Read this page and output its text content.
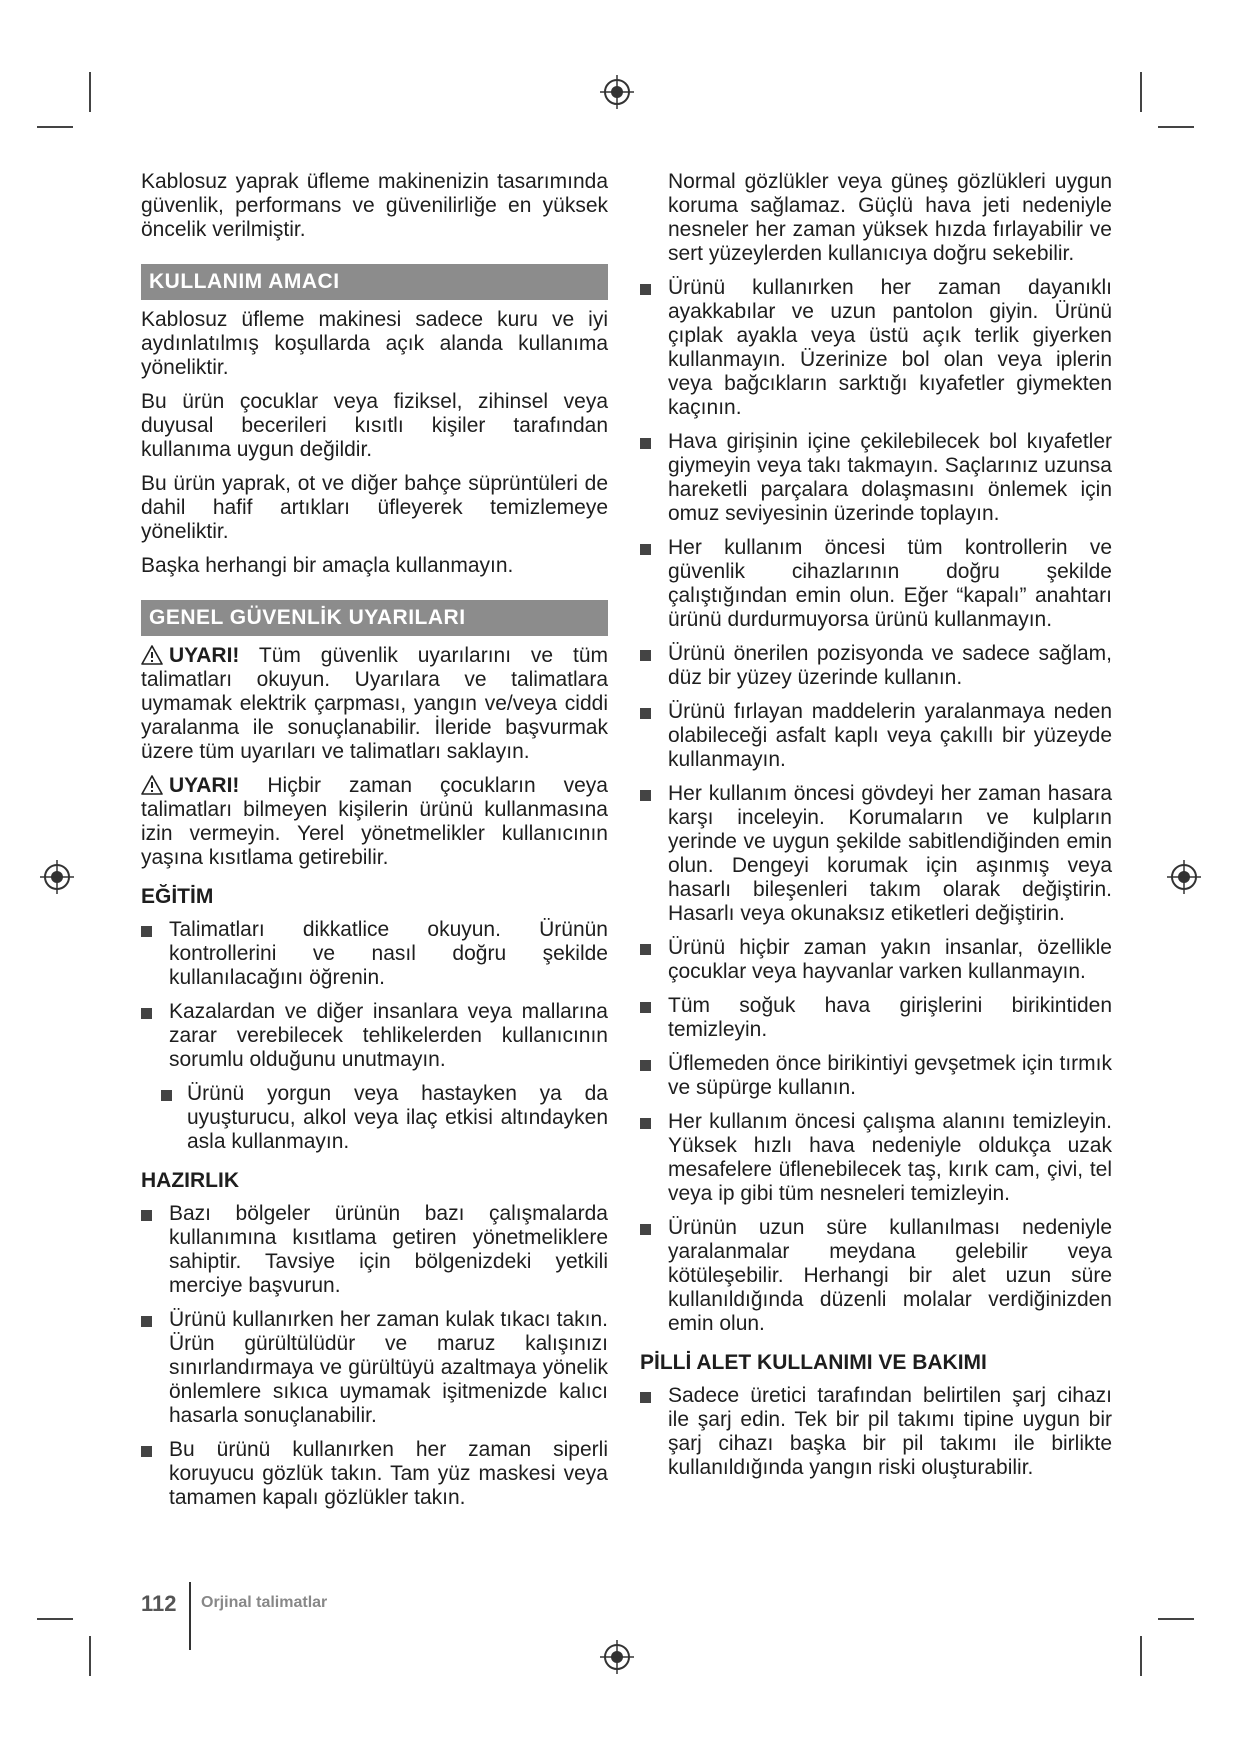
Kablosuz yaprak üfleme makinenizin tasarımında güvenlik, performans ve güvenilirliğe en yüksek öncelik verilmiştir.

KULLANIM AMACI

Kablosuz üfleme makinesi sadece kuru ve iyi aydınlatılmış koşullarda açık alanda kullanıma yöneliktir.

Bu ürün çocuklar veya fiziksel, zihinsel veya duyusal becerileri kısıtlı kişiler tarafından kullanıma uygun değildir.

Bu ürün yaprak, ot ve diğer bahçe süprüntüleri de dahil hafif artıkları üfleyerek temizlemeye yöneliktir.

Başka herhangi bir amaçla kullanmayın.

GENEL GÜVENLİK UYARILARI

UYARI! Tüm güvenlik uyarılarını ve tüm talimatları okuyun. Uyarılara ve talimatlara uymamak elektrik çarpması, yangın ve/veya ciddi yaralanma ile sonuçlanabilir. İleride başvurmak üzere tüm uyarıları ve talimatları saklayın.

UYARI! Hiçbir zaman çocukların veya talimatları bilmeyen kişilerin ürünü kullanmasına izin vermeyin. Yerel yönetmelikler kullanıcının yaşına kısıtlama getirebilir.

EĞİTİM
Talimatları dikkatlice okuyun. Ürünün kontrollerini ve nasıl doğru şekilde kullanılacağını öğrenin.
Kazalardan ve diğer insanlara veya mallarına zarar verebilecek tehlikelerden kullanıcının sorumlu olduğunu unutmayın.
Ürünü yorgun veya hastayken ya da uyuşturucu, alkol veya ilaç etkisi altındayken asla kullanmayın.
HAZIRLIK
Bazı bölgeler ürünün bazı çalışmalarda kullanımına kısıtlama getiren yönetmeliklere sahiptir. Tavsiye için bölgenizdeki yetkili merciye başvurun.
Ürünü kullanırken her zaman kulak tıkacı takın. Ürün gürültülüdür ve maruz kalışınızı sınırlandırmaya ve gürültüyü azaltmaya yönelik önlemlere sıkıca uymamak işitmenizde kalıcı hasarla sonuçlanabilir.
Bu ürünü kullanırken her zaman siperli koruyucu gözlük takın. Tam yüz maskesi veya tamamen kapalı gözlükler takın.

Normal gözlükler veya güneş gözlükleri uygun koruma sağlamaz. Güçlü hava jeti nedeniyle nesneler her zaman yüksek hızda fırlayabilir ve sert yüzeylerden kullanıcıya doğru sekebilir.

Ürünü kullanırken her zaman dayanıklı ayakkabılar ve uzun pantolon giyin. Ürünü çıplak ayakla veya üstü açık terlik giyerken kullanmayın. Üzerinize bol olan veya iplerin veya bağcıkların sarktığı kıyafetler giymekten kaçının.
Hava girişinin içine çekilebilecek bol kıyafetler giymeyin veya takı takmayın. Saçlarınız uzunsa hareketli parçalara dolaşmasını önlemek için omuz seviyesinin üzerinde toplayın.
Her kullanım öncesi tüm kontrollerin ve güvenlik cihazlarının doğru şekilde çalıştığından emin olun. Eğer “kapalı” anahtarı ürünü durdurmuyorsa ürünü kullanmayın.
Ürünü önerilen pozisyonda ve sadece sağlam, düz bir yüzey üzerinde kullanın.
Ürünü fırlayan maddelerin yaralanmaya neden olabileceği asfalt kaplı veya çakıllı bir yüzeyde kullanmayın.
Her kullanım öncesi gövdeyi her zaman hasara karşı inceleyin. Korumaların ve kulpların yerinde ve uygun şekilde sabitlendiğinden emin olun. Dengeyi korumak için aşınmış veya hasarlı bileşenleri takım olarak değiştirin. Hasarlı veya okunaksız etiketleri değiştirin.
Ürünü hiçbir zaman yakın insanlar, özellikle çocuklar veya hayvanlar varken kullanmayın.
Tüm soğuk hava girişlerini birikintiden temizleyin.
Üflemeden önce birikintiyi gevşetmek için tırmık ve süpürge kullanın.
Her kullanım öncesi çalışma alanını temizleyin. Yüksek hızlı hava nedeniyle oldukça uzak mesafelere üflenebilecek taş, kırık cam, çivi, tel veya ip gibi tüm nesneleri temizleyin.
Ürünün uzun süre kullanılması nedeniyle yaralanmalar meydana gelebilir veya kötüleşebilir. Herhangi bir alet uzun süre kullanıldığında düzenli molalar verdiğinizden emin olun.
PİLLİ ALET KULLANIMI VE BAKIMI
Sadece üretici tarafından belirtilen şarj cihazı ile şarj edin. Tek bir pil takımı tipine uygun bir şarj cihazı başka bir pil takımı ile birlikte kullanıldığında yangın riski oluşturabilir.
112 Orjinal talimatlar
